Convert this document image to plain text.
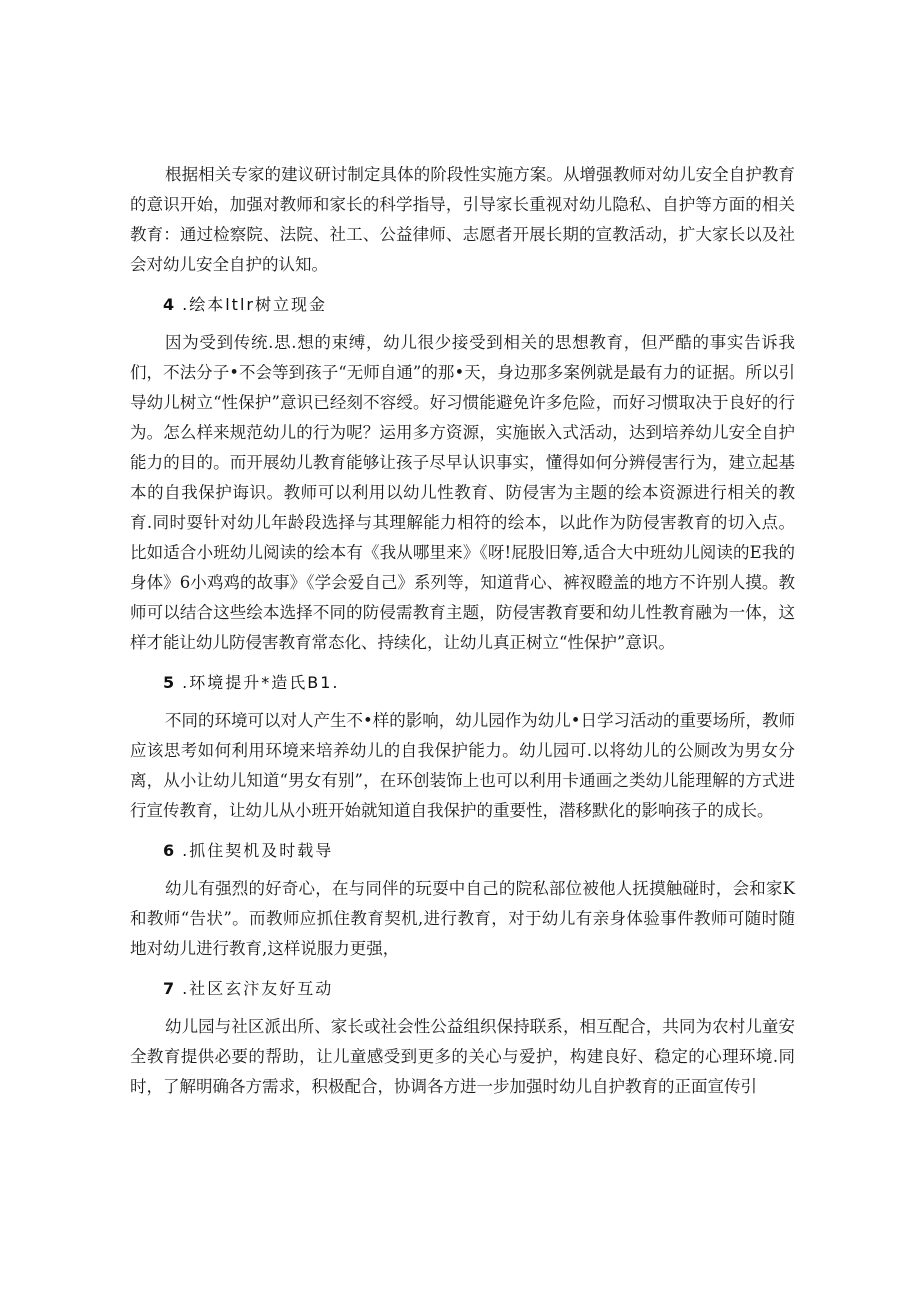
根据相关专家的建议研讨制定具体的阶段性实施方案。从增强教师对幼儿安全自护教育的意识开始，加强对教师和家长的科学指导，引导家长重视对幼儿隐私、自护等方面的相关教育：通过检察院、法院、社工、公益律师、志愿者开展长期的宣教活动，扩大家长以及社会对幼儿安全自护的认知。

4 .绘本ltlr树立现金

因为受到传统.思.想的束缚，幼儿很少接受到相关的思想教育，但严酷的事实告诉我们，不法分子•不会等到孩子“无师自通”的那•天，身边那多案例就是最有力的证据。所以引导幼儿树立“性保护”意识已经刻不容绶。好习惯能避免许多危险，而好习惯取决于良好的行为。怎么样来规范幼儿的行为呢？运用多方资源，实施嵌入式活动，达到培养幼儿安全自护能力的目的。而开展幼儿教育能够让孩子尽早认识事实，懂得如何分辨侵害行为，建立起基本的自我保护诲识。教师可以利用以幼儿性教育、防侵害为主题的绘本资源进行相关的教育.同时耍针对幼儿年龄段选择与其理解能力相符的绘本，以此作为防侵害教育的切入点。比如适合小班幼儿阅读的绘本有《我从哪里来》《呀!屁股旧筹,适合大中班幼儿阅读的E我的身体》6小鸡鸡的故事》《学会爱自己》系列等，知道背心、裤衩瞪盖的地方不许别人摸。教师可以结合这些绘本选择不同的防侵需教育主题，防侵害教育要和幼儿性教育融为一体，这样才能让幼儿防侵害教育常态化、持续化，让幼儿真正树立“性保护”意识。

5 .环境提升*造氏B1.

不同的环境可以对人产生不•样的影响，幼儿园作为幼儿•日学习活动的重要场所，教师应该思考如何利用环境来培养幼儿的自我保护能力。幼儿园可.以将幼儿的公厕改为男女分离，从小让幼儿知道“男女有别”，在环创装饰上也可以利用卡通画之类幼儿能理解的方式进行宣传教育，让幼儿从小班开始就知道自我保护的重要性，潜移默化的影响孩子的成长。

6 .抓住契机及时载导

幼儿有强烈的好奇心，在与同伴的玩耍中自己的院私部位被他人抚摸触碰时，会和家K和教师“告状”。而教师应抓住教育契机,进行教育，对于幼儿有亲身体验事件教师可随时随地对幼儿进行教育,这样说服力更强，

7 .社区玄汴友好互动

幼儿园与社区派出所、家长或社会性公益组织保持联系，相互配合，共同为农村儿童安全教育提供必要的帮助，让儿童感受到更多的关心与爱护，构建良好、稳定的心理环境.同时，了解明确各方需求，积极配合，协调各方进一步加强时幼儿自护教育的正面宣传引
